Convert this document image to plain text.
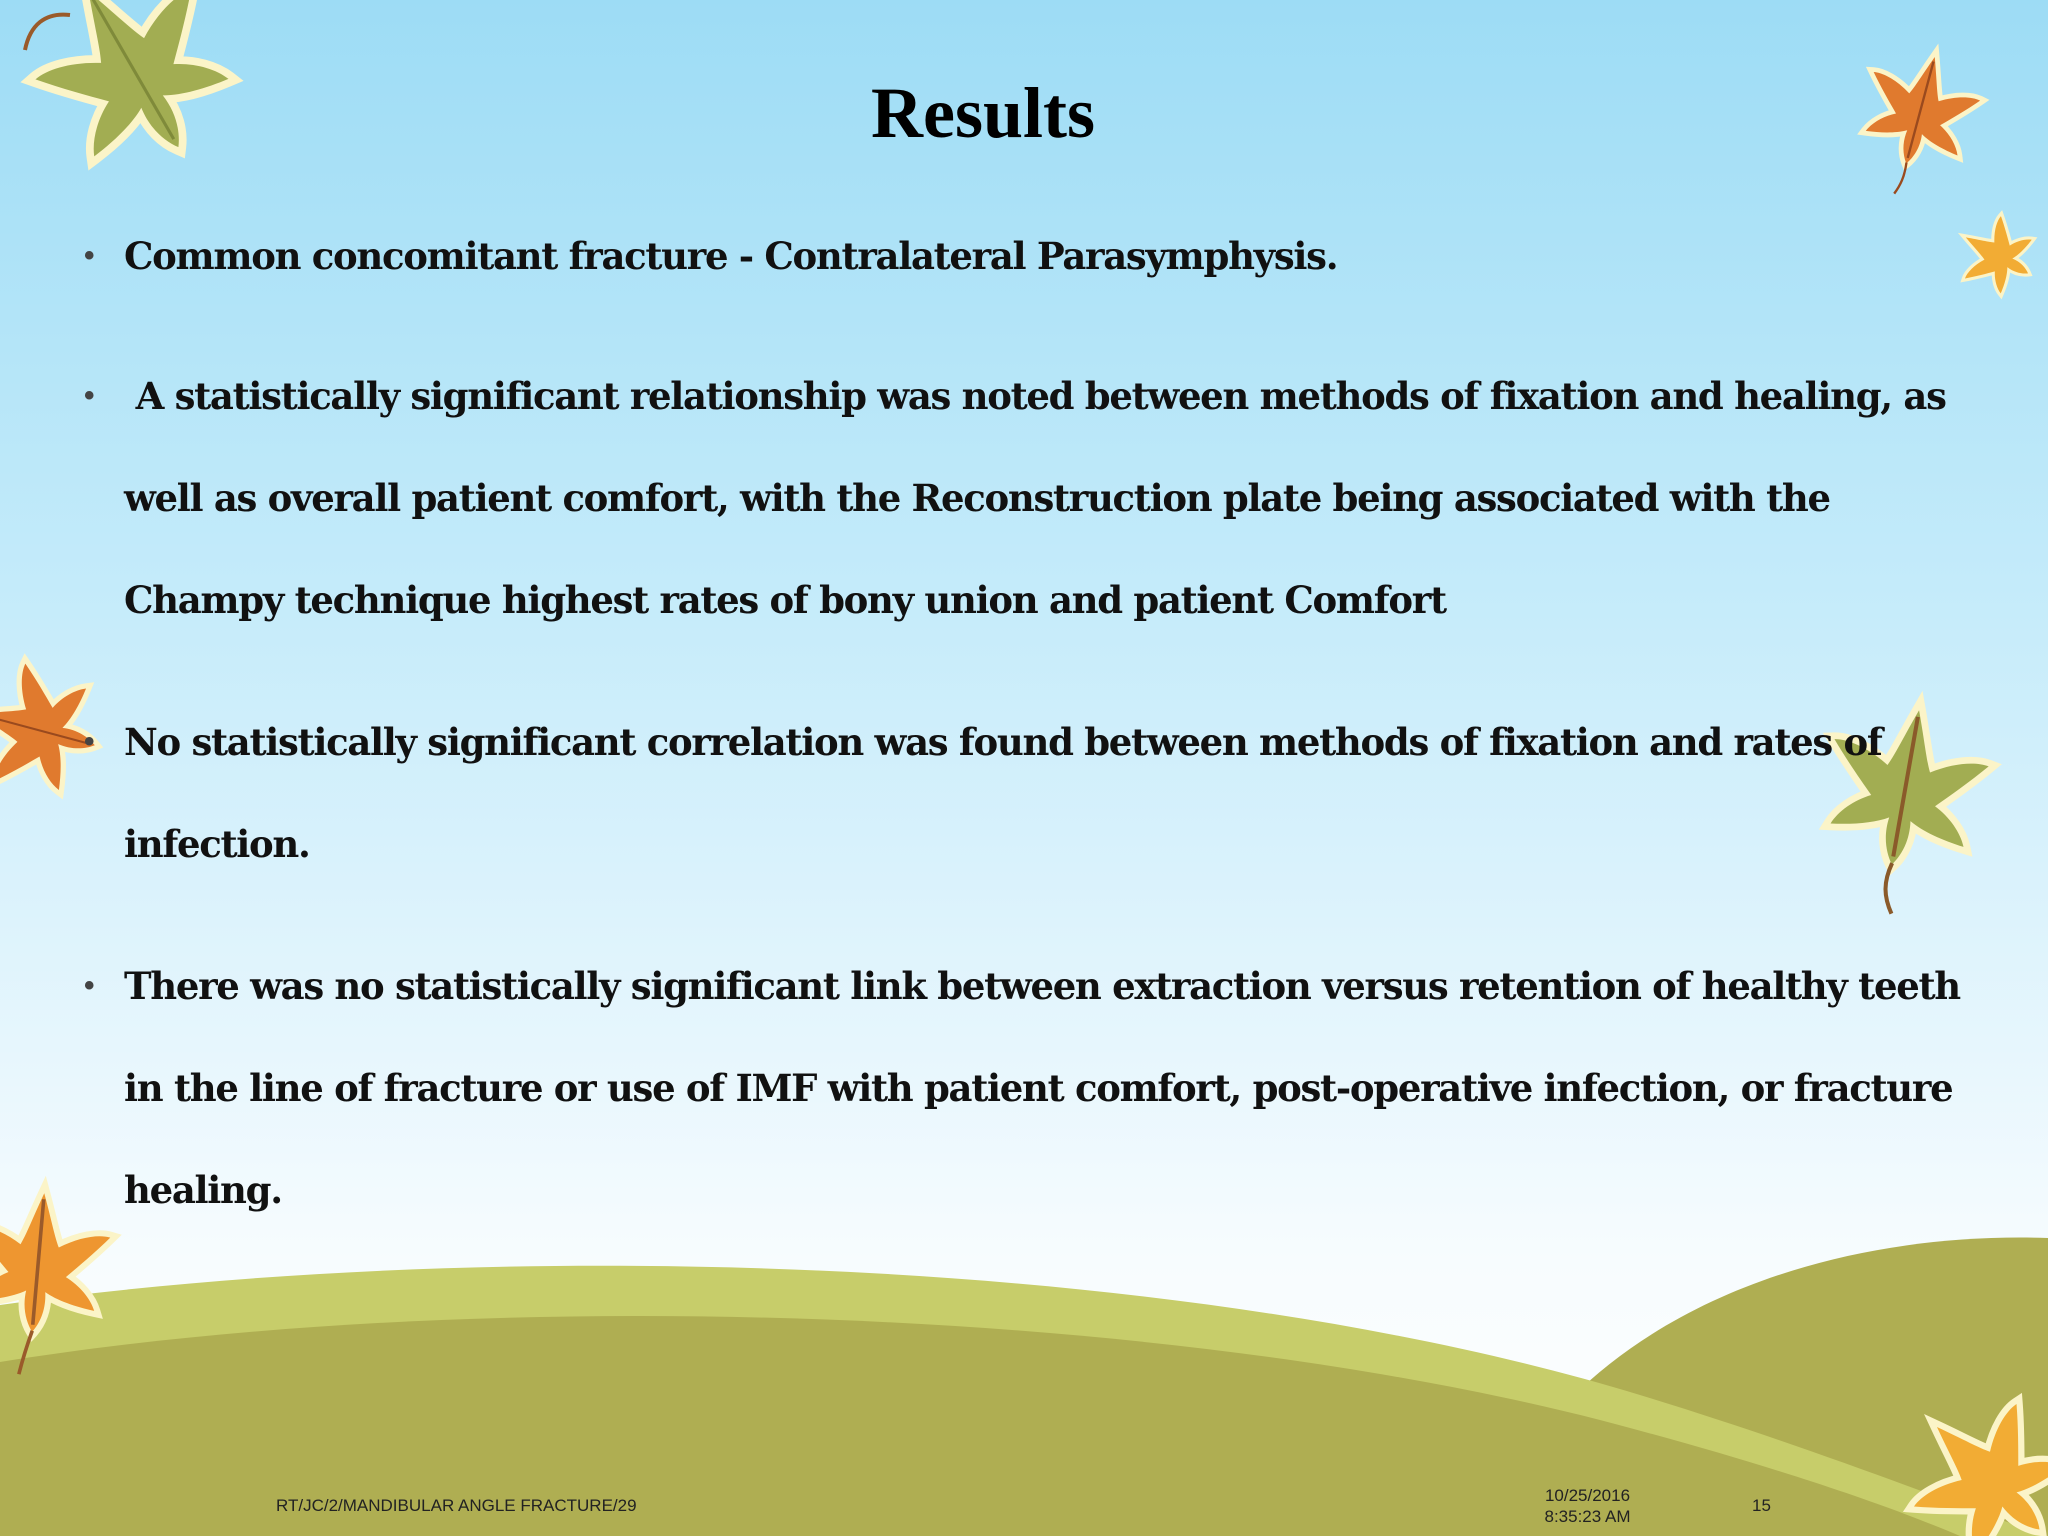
Results
• Common concomitant fracture - Contralateral Parasymphysis.
• A statistically significant relationship was noted between methods of fixation and healing, as well as overall patient comfort, with the Reconstruction plate being associated with the Champy technique highest rates of bony union and patient Comfort
• No statistically significant correlation was found between methods of fixation and rates of infection.
• There was no statistically significant link between extraction versus retention of healthy teeth in the line of fracture or use of IMF with patient comfort, post-operative infection, or fracture healing.
RT/JC/2/MANDIBULAR ANGLE FRACTURE/29
10/25/2016
8:35:23 AM
15
